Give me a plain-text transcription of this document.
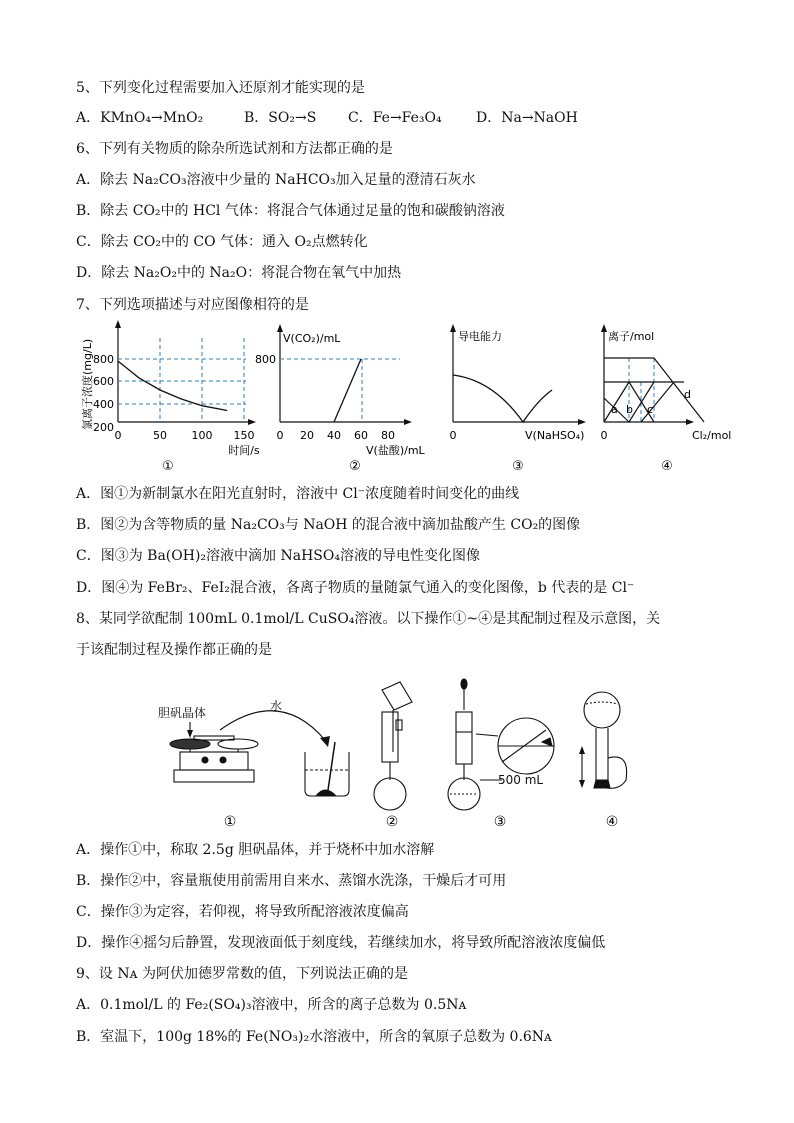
5、下列变化过程需要加入还原剂才能实现的是
A．KMnO₄→MnO₂	B．SO₂→S C．Fe→Fe₃O₄ D．Na→NaOH
6、下列有关物质的除杂所选试剂和方法都正确的是
A．除去 Na₂CO₃溶液中少量的 NaHCO₃加入足量的澄清石灰水
B．除去 CO₂中的 HCl 气体：将混合气体通过足量的饱和碳酸钠溶液
C．除去 CO₂中的 CO 气体：通入 O₂点燃转化
D．除去 Na₂O₂中的 Na₂O：将混合物在氧气中加热
7、下列选项描述与对应图像相符的是
氯离子浓度(mg/L) 800
600
400
200
0	50 100 150
时间/s
①
V(CO₂)/mL
800
0 20 40 60 80
V(盐酸)/mL
②
导电能力
0	V(NaHSO₄)
③
离子/mol
a b c
d
0	Cl₂/mol
④
A．图①为新制氯水在阳光直射时，溶液中 Cl⁻浓度随着时间变化的曲线
B．图②为含等物质的量 Na₂CO₃与 NaOH 的混合液中滴加盐酸产生 CO₂的图像
C．图③为 Ba(OH)₂溶液中滴加 NaHSO₄溶液的导电性变化图像
D．图④为 FeBr₂、FeI₂混合液，各离子物质的量随氯气通入的变化图像，b 代表的是 Cl⁻
8、某同学欲配制 100mL 0.1mol/L CuSO₄溶液。以下操作①~④是其配制过程及示意图，关
于该配制过程及操作都正确的是
胆矾晶体	水
①	②
500 mL
③	④
A．操作①中，称取 2.5g 胆矾晶体，并于烧杯中加水溶解
B．操作②中，容量瓶使用前需用自来水、蒸馏水洗涤，干燥后才可用
C．操作③为定容，若仰视，将导致所配溶液浓度偏高
D．操作④摇匀后静置，发现液面低于刻度线，若继续加水，将导致所配溶液浓度偏低
9、设 Nᴀ 为阿伏加德罗常数的值，下列说法正确的是
A．0.1mol/L 的 Fe₂(SO₄)₃溶液中，所含的离子总数为 0.5Nᴀ
B．室温下，100g 18%的 Fe(NO₃)₂水溶液中，所含的氧原子总数为 0.6Nᴀ
